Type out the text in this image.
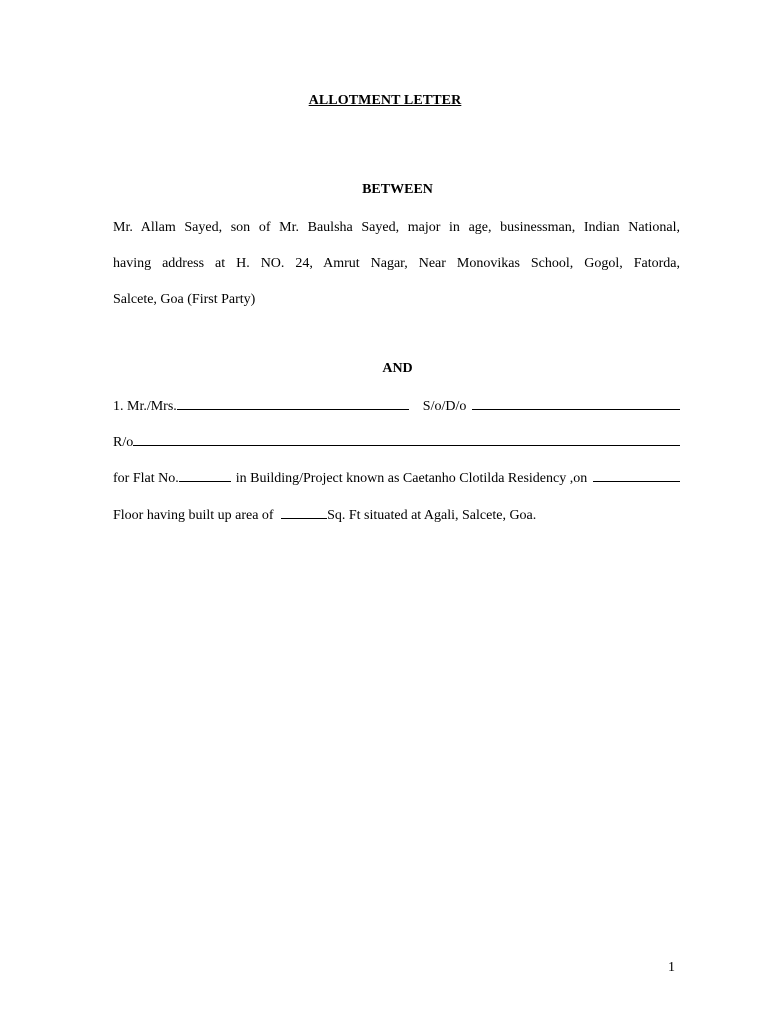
ALLOTMENT LETTER
BETWEEN
Mr. Allam Sayed, son of Mr. Baulsha Sayed, major in age, businessman, Indian National,
having address at H. NO. 24, Amrut Nagar, Near Monovikas School, Gogol, Fatorda,
Salcete, Goa (First Party)
AND
1. Mr./Mrs.	S/o/D/o
R/o
for Flat No.	in Building/Project known as Caetanho Clotilda Residency ,on
Floor having built up area of	Sq. Ft situated at Agali, Salcete, Goa.
1
